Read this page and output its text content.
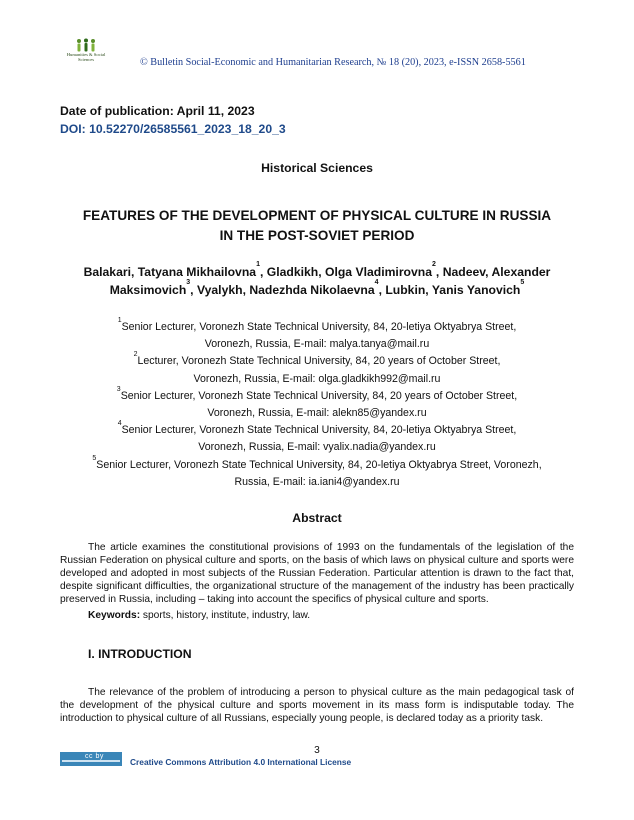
Humanities & Social
Sciences	© Bulletin Social-Economic and Humanitarian Research, № 18 (20), 2023, e-ISSN 2658-5561
Date of publication: April 11, 2023
DOI: 10.52270/26585561_2023_18_20_3
Historical Sciences
FEATURES OF THE DEVELOPMENT OF PHYSICAL CULTURE IN RUSSIA
IN THE POST-SOVIET PERIOD
Balakari, Tatyana Mikhailovna$^1$, Gladkikh, Olga Vladimirovna$^2$, Nadeev, Alexander Maksimovich$^3$, Vyalykh, Nadezhda Nikolaevna$^4$, Lubkin, Yanis Yanovich$^5$
$^1$Senior Lecturer, Voronezh State Technical University, 84, 20-letiya Oktyabrya Street,
Voronezh, Russia, E-mail: malya.tanya@mail.ru
$^2$Lecturer, Voronezh State Technical University, 84, 20 years of October Street,
Voronezh, Russia, E-mail: olga.gladkikh992@mail.ru
$^3$Senior Lecturer, Voronezh State Technical University, 84, 20 years of October Street,
Voronezh, Russia, E-mail: alekn85@yandex.ru
$^4$Senior Lecturer, Voronezh State Technical University, 84, 20-letiya Oktyabrya Street,
Voronezh, Russia, E-mail: vyalix.nadia@yandex.ru
$^5$Senior Lecturer, Voronezh State Technical University, 84, 20-letiya Oktyabrya Street, Voronezh,
Russia, E-mail: ia.iani4@yandex.ru
Abstract
The article examines the constitutional provisions of 1993 on the fundamentals of the legislation of the Russian Federation on physical culture and sports, on the basis of which laws on physical culture and sports were developed and adopted in most subjects of the Russian Federation. Particular attention is drawn to the fact that, despite significant difficulties, the organizational structure of the management of the industry has been practically preserved in Russia, including – taking into account the specifics of physical culture and sports.
Keywords: sports, history, institute, industry, law.
I. INTRODUCTION
The relevance of the problem of introducing a person to physical culture as the main pedagogical task of the development of the physical culture and sports movement in its mass form is indisputable today. The introduction to physical culture of all Russians, especially young people, is declared today as a priority task.
3
cc by
Creative Commons Attribution 4.0 International License
